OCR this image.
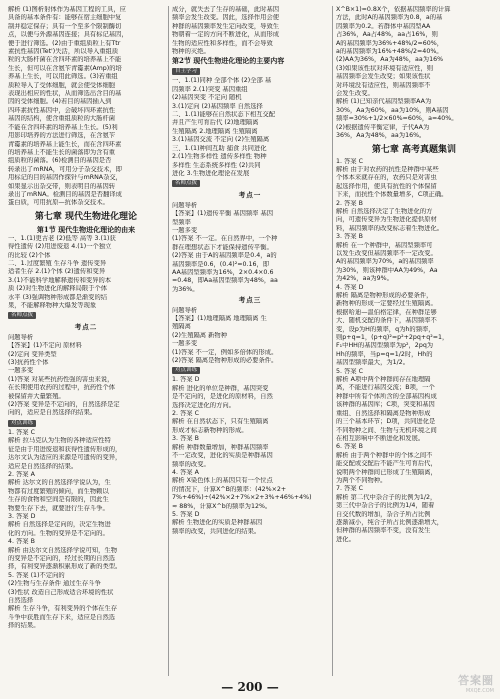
解析 (1)图析射体作为基因工程的工具，应

具备的基本条件有：能够在宿主细胞中复

制并稳定保存；具有一个至多个限制酶切

点，以便与外源基因连接；具有标记基因，

便于进行筛选。(2)由于重组质粒上有Ttr

素抗性基因(Tet')失活，所以导入重组质

粒的大肠杆菌在含四环素的培养基上不能

生长，但可以在含氨苄青霉素(Amp)的培

养基上生长，可以用此筛选。(3)若重组

质粒导入了受体细胞，就会使受体细胞

表现出相应的性状，从而筛选出含目的基

因的受体细胞。(4)若目的基因插入到

四环素抗性基因中，会破坏四环素抗性

基因的结构，使含重组质粒的大肠杆菌

不能在含四环素的培养基上生长。(5)利

用影印培养的方法进行筛选，在含氨苄

青霉素的培养基上能生长，而在含四环素

的培养基上不能生长的菌落即为含有重

组质粒的菌落。(6)检测目的基因是否

转录出了mRNA，可用分子杂交技术，即

用标记的目的基因作探针与mRNA杂交，

如果显示出杂交带，则表明目的基因转

录出了mRNA。检测目的基因是否翻译成

蛋白质，可用抗原—抗体杂交技术。

第七章 现代生物进化理论
第1节 现代生物进化理论的由来

一、1.(1)更古老 (2)低等 高等 3.(1)获

得性遗传 (2)用进废退 4.(1)一个独立

的比较 (2)个体

二、1.过度繁殖 生存斗争 遗传变异

适者生存 2.(1)个体 (2)遗传和变异

3.(1)不能科学地解释遗传和变异的本

质 (2)对生物进化的解释局限于个体

水平 (3)强调物种形成都是渐变的结

果，不能解释物种大爆发等现象

名师点拨
考点二

问题导析

【答案】(1)不定向 原材料

(2)定向 变异类型

(3)抗药性个体

一题多变

(1)答案 对某些抗药性强的害虫来说，

在长期使用农药的过程中，抗药性个体

被保留并大量繁殖。

(2)答案 变异是不定向的，自然选择是定

向的，适应是自然选择的结果。

对点训练

1. 答案 C

解析 拉马克认为生物的各种适应性特

征是由于用进废退和获得性遗传形成的，

达尔文认为适应的来源是可遗传的变异，

适应是自然选择的结果。

2. 答案 A

解析 达尔文的自然选择学说认为，生

物都有过度繁殖的倾向，而生物赖以

生存的食物和空间是有限的，因此生

物要生存下去，就要进行生存斗争。

3. 答案 D

解析 自然选择是定向的，决定生物进

化的方向。生物的变异是不定向的。

4. 答案 B

解析 由达尔文自然选择学说可知，生物

的变异是不定向的，经过长期的自然选

择，有利变异逐渐积累形成了新的类型。

5. 答案 (1)不定向的

(2)生物与生存条件 通过生存斗争

(3)性状 改造自己形成适合环境的性状

自然选择

解析 生存斗争，有利变异的个体在生存

斗争中获胜而生存下来，适应是自然选

择的结果。

成分，就失去了生存的基础，此时基因

频率会发生改变。因此，选择作用会使

种群的基因频率发生定向改变，导致生

物朝着一定的方向不断进化，从而形成

生物的适应性和多样性，而不会导致

物种的灭绝。

第2节 现代生物进化理论的主要内容
自主学习

一、1.(1)同种 全部个体 (2)全部 基

因频率 2.(1)突变 基因重组

(2)基因突变 不定向 随机

3.(1)定向 (2)基因频率 自然选择

二、1.(1)能够在自然状态下相互交配

并且产生可育后代 (2)地理隔离

生殖隔离 2.地理隔离 生殖隔离

3.(1)基因交流 不定向 (2)生殖隔离

三、1.(1)种间互助 捕食 共同进化

2.(1)生物多样性 遗传多样性 物种

多样性 生态系统多样性 (2)共同

进化 3.生物进化理论在发展

名师点拨
考点一

问题导析

【答案】(1)遗传平衡 基因频率 基因

型频率

一题多变

(1)答案 不一定。在自然界中，一个种

群在理想状态下才能保持遗传平衡。

(2)答案 由于A的基因频率是0.4，a的

基因频率是0.6，(0.4)²=0.16，即

AA基因型频率为16%，2×0.4×0.6

=0.48，即Aa基因型频率为48%，aa

为36%。

考点三

问题导析

【答案】(1)地理隔离 地理隔离 生

殖隔离

(2)生殖隔离 新物种

一题多变

(1)答案 不一定，例如多倍体的形成。

(2)答案 隔离是物种形成的必要条件。

对点训练

1. 答案 D

解析 进化的单位是种群，基因突变

是不定向的，是进化的原材料，自然

选择决定进化的方向。

2. 答案 C

解析 在自然状态下，只有生殖隔离

形成才标志新物种的形成。

3. 答案 B

解析 种群数量增加，种群基因频率

不一定改变，进化的实质是种群基因

频率的改变。

4. 答案 A

解析 X染色体上的基因只有一个位点

的情况下，计算X^B的频率：(42%×2+

7%+46%)÷(42%×2+7%×2+3%+46%+4%)

≈ 88%，计算X^b的频率为12%。

5. 答案 D

解析 生物进化的实质是种群基因

频率的改变，共同进化的结果。

X^B×1)=0.8X个，依据基因频率的计算

方法，此时A的基因频率为0.8，a的基

因频率为0.2。若群体中基因型AA

占36%，Aa占48%，aa占16%，则

A的基因频率为36%+48%/2=60%，

a的基因频率为16%+48%/2=40%。

(2)AA为36%，Aa为48%，aa为16%

(3)如果该性状对环境有适应性，则

基因频率会发生改变；如果该性状

对环境没有适应性，则基因频率不

会发生改变。

解析 (1)已知亲代基因型频率AA为

30%，Aa为60%，aa为10%，则A基因

频率=30%+1/2×60%=60%，a=40%。

(2)根据遗传平衡定律，子代AA为

36%，Aa为48%，aa为16%。

第七章 高考真题集训

1. 答案 C

解析 由于对农药的抗性是种群中某些

个体本来就存在的，农药只是对害虫

起选择作用，使具有抗性的个体保留

下来，而抗性个体数量增多，C项正确。

2. 答案 B

解析 自然选择决定了生物进化的方

向，可遗传变异为生物进化提供原材

料，基因频率的改变标志着生物进化。

3. 答案 B

解析 在一个种群中，基因型频率可

以发生改变但基因频率不一定改变。

A的基因频率为70%，a的基因频率

为30%，则该种群中AA为49%，Aa

为42%，aa为9%。

4. 答案 D

解析 隔离是物种形成的必要条件，

新物种的形成一定要经过生殖隔离。

根据哈迪—温伯格定律，在种群足够

大、随机交配的条件下，基因频率不

变，设p为H的频率，q为h的频率，

则p+q=1，(p+q)²=p²+2pq+q²=1，

F₁中HH的基因型频率为p²，2pq为

Hh的频率，当p=q=1/2时，Hh的

基因型频率最大，为1/2。

5. 答案 C

解析 A项中两个种群间存在地理隔

离，不能进行基因交流；B项，一个

种群中所有个体所含的全部基因构成

该种群的基因库；C项，突变和基因

重组、自然选择和隔离是物种形成

的三个基本环节；D项，共同进化是

不同物种之间、生物与无机环境之间

在相互影响中不断进化和发展。

6. 答案 B

解析 由于两个种群中的个体之间不

能交配或交配后不能产生可育后代，

说明两个种群间已形成了生殖隔离，

为两个不同物种。

7. 答案 C

解析 第二代中杂合子的比例为1/2，

第三代中杂合子的比例为1/4，随着

自交代数的增加，杂合子所占比例

逐渐减小，纯合子所占比例逐渐增大，

但种群的基因频率不变，没有发生

进化。

— 200 —	答案圈
MXQE.COM
